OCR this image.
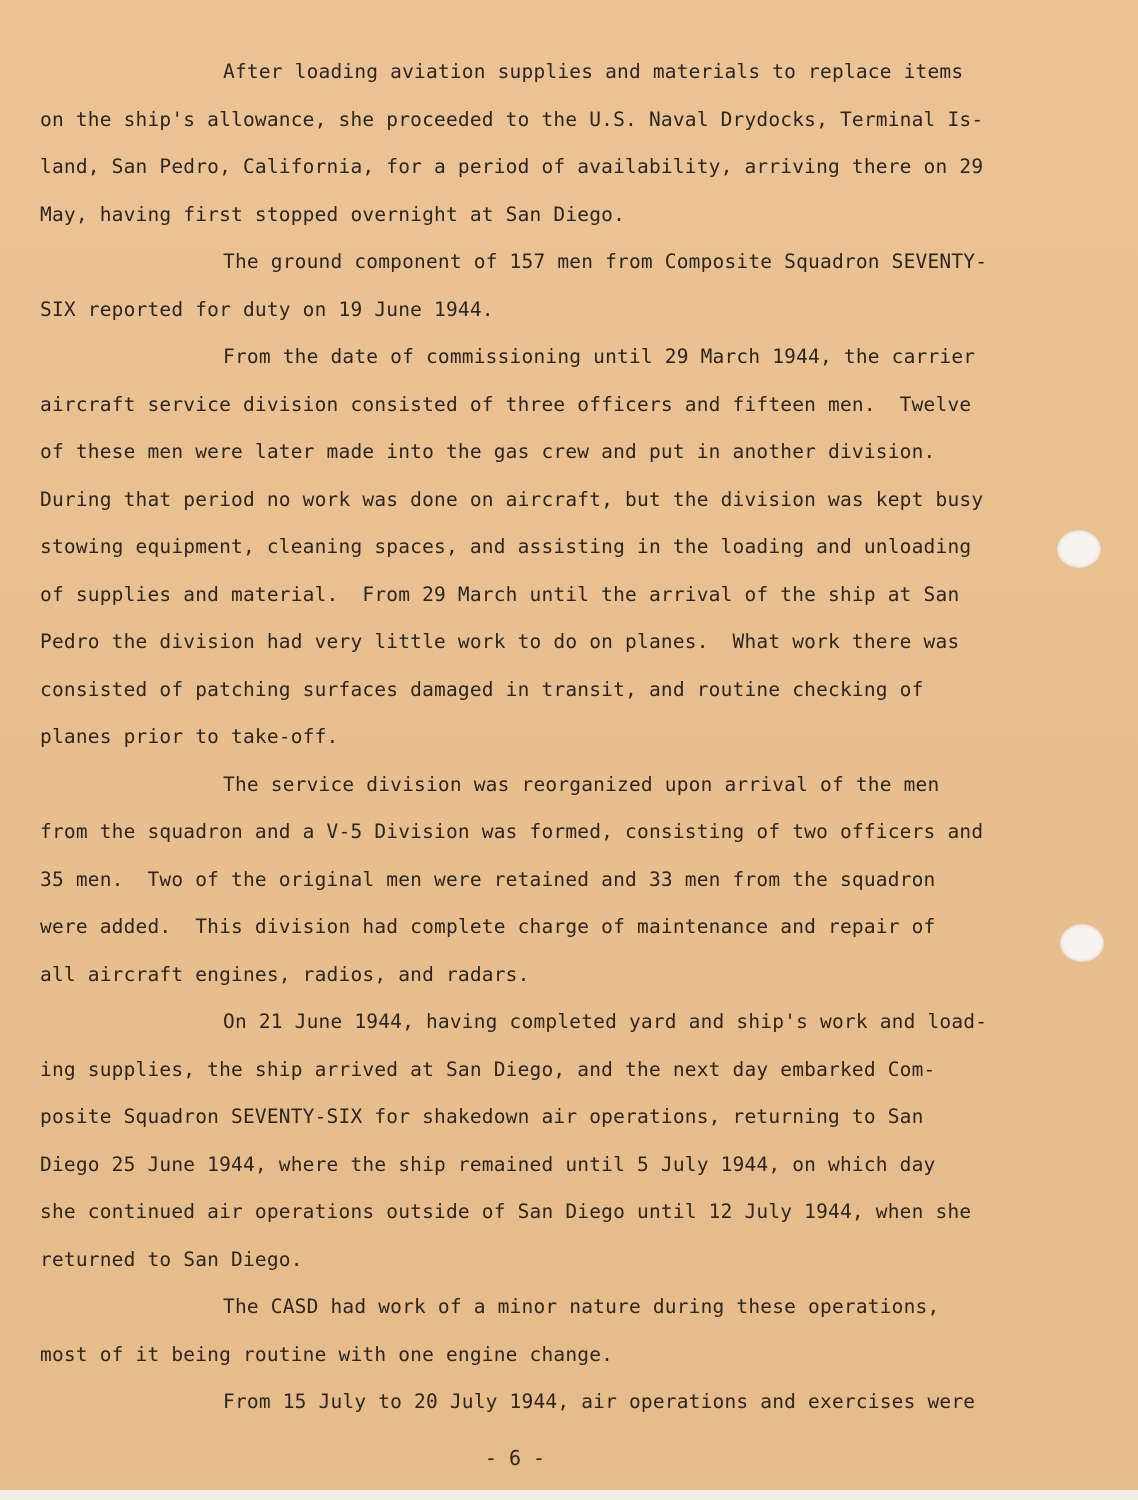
After loading aviation supplies and materials to replace items
on the ship's allowance, she proceeded to the U.S. Naval Drydocks, Terminal Is-
land, San Pedro, California, for a period of availability, arriving there on 29
May, having first stopped overnight at San Diego.
The ground component of 157 men from Composite Squadron SEVENTY-
SIX reported for duty on 19 June 1944.
From the date of commissioning until 29 March 1944, the carrier
aircraft service division consisted of three officers and fifteen men.  Twelve
of these men were later made into the gas crew and put in another division.
During that period no work was done on aircraft, but the division was kept busy
stowing equipment, cleaning spaces, and assisting in the loading and unloading
of supplies and material.  From 29 March until the arrival of the ship at San
Pedro the division had very little work to do on planes.  What work there was
consisted of patching surfaces damaged in transit, and routine checking of
planes prior to take-off.
The service division was reorganized upon arrival of the men
from the squadron and a V-5 Division was formed, consisting of two officers and
35 men.  Two of the original men were retained and 33 men from the squadron
were added.  This division had complete charge of maintenance and repair of
all aircraft engines, radios, and radars.
On 21 June 1944, having completed yard and ship's work and load-
ing supplies, the ship arrived at San Diego, and the next day embarked Com-
posite Squadron SEVENTY-SIX for shakedown air operations, returning to San
Diego 25 June 1944, where the ship remained until 5 July 1944, on which day
she continued air operations outside of San Diego until 12 July 1944, when she
returned to San Diego.
The CASD had work of a minor nature during these operations,
most of it being routine with one engine change.
From 15 July to 20 July 1944, air operations and exercises were
- 6 -
